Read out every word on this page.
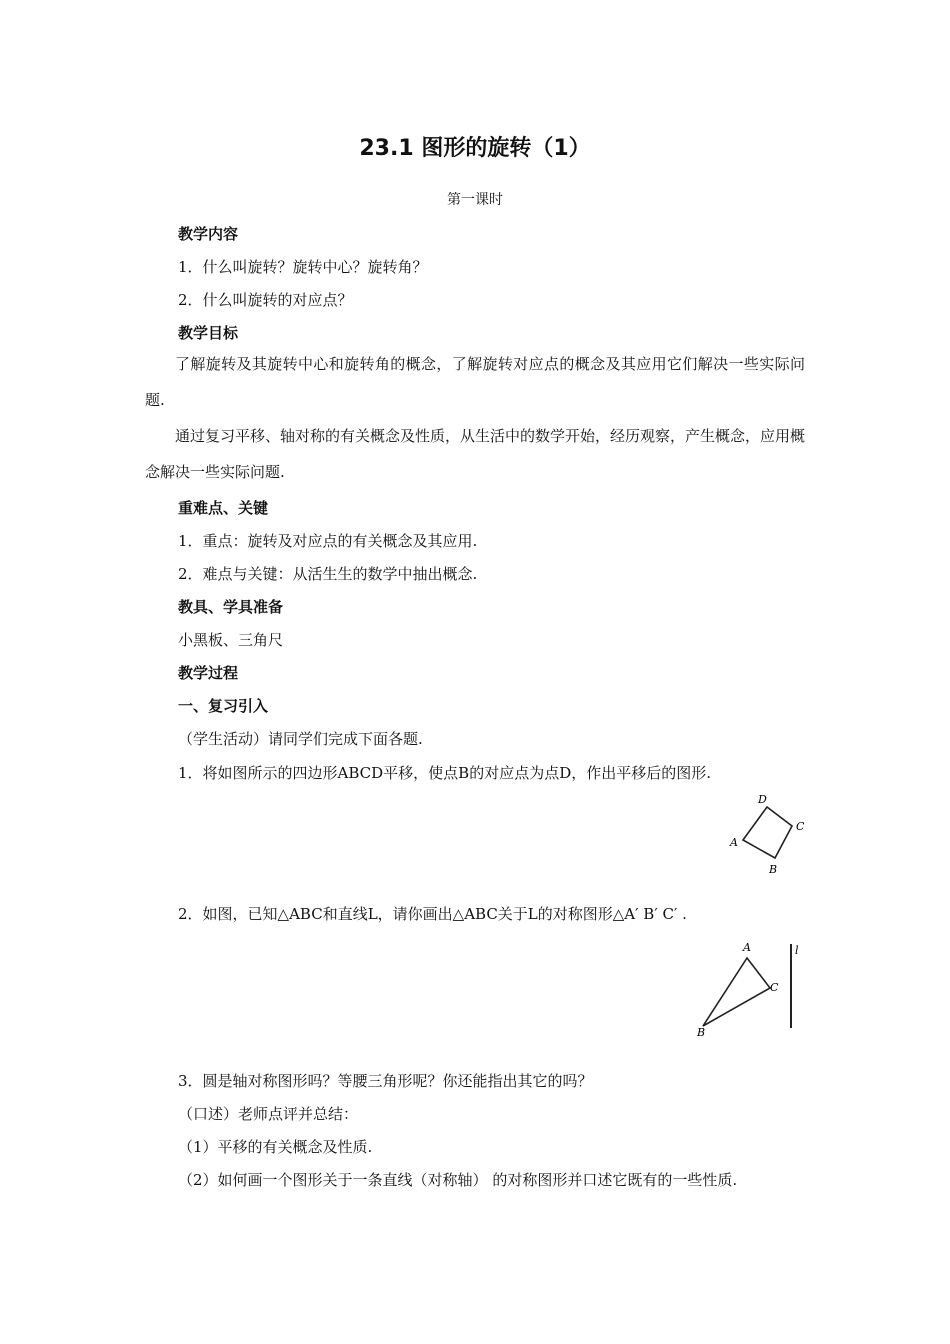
23.1 图形的旋转（1）
第一课时
教学内容
1．什么叫旋转？旋转中心？旋转角？
2．什么叫旋转的对应点？
教学目标
了解旋转及其旋转中心和旋转角的概念，了解旋转对应点的概念及其应用它们解决一些实际问题.
通过复习平移、轴对称的有关概念及性质，从生活中的数学开始，经历观察，产生概念，应用概念解决一些实际问题.
重难点、关键
1．重点：旋转及对应点的有关概念及其应用.
2．难点与关键：从活生生的数学中抽出概念.
教具、学具准备
小黑板、三角尺
教学过程
一、复习引入
（学生活动）请同学们完成下面各题.
1．将如图所示的四边形ABCD平移，使点B的对应点为点D，作出平移后的图形.
D
C
A
B
2．如图，已知△ABC和直线L，请你画出△ABC关于L的对称图形△A′ B′ C′ .
A
C
B
l
3．圆是轴对称图形吗？等腰三角形呢？你还能指出其它的吗？
（口述）老师点评并总结：
（1）平移的有关概念及性质.
（2）如何画一个图形关于一条直线（对称轴） 的对称图形并口述它既有的一些性质.
